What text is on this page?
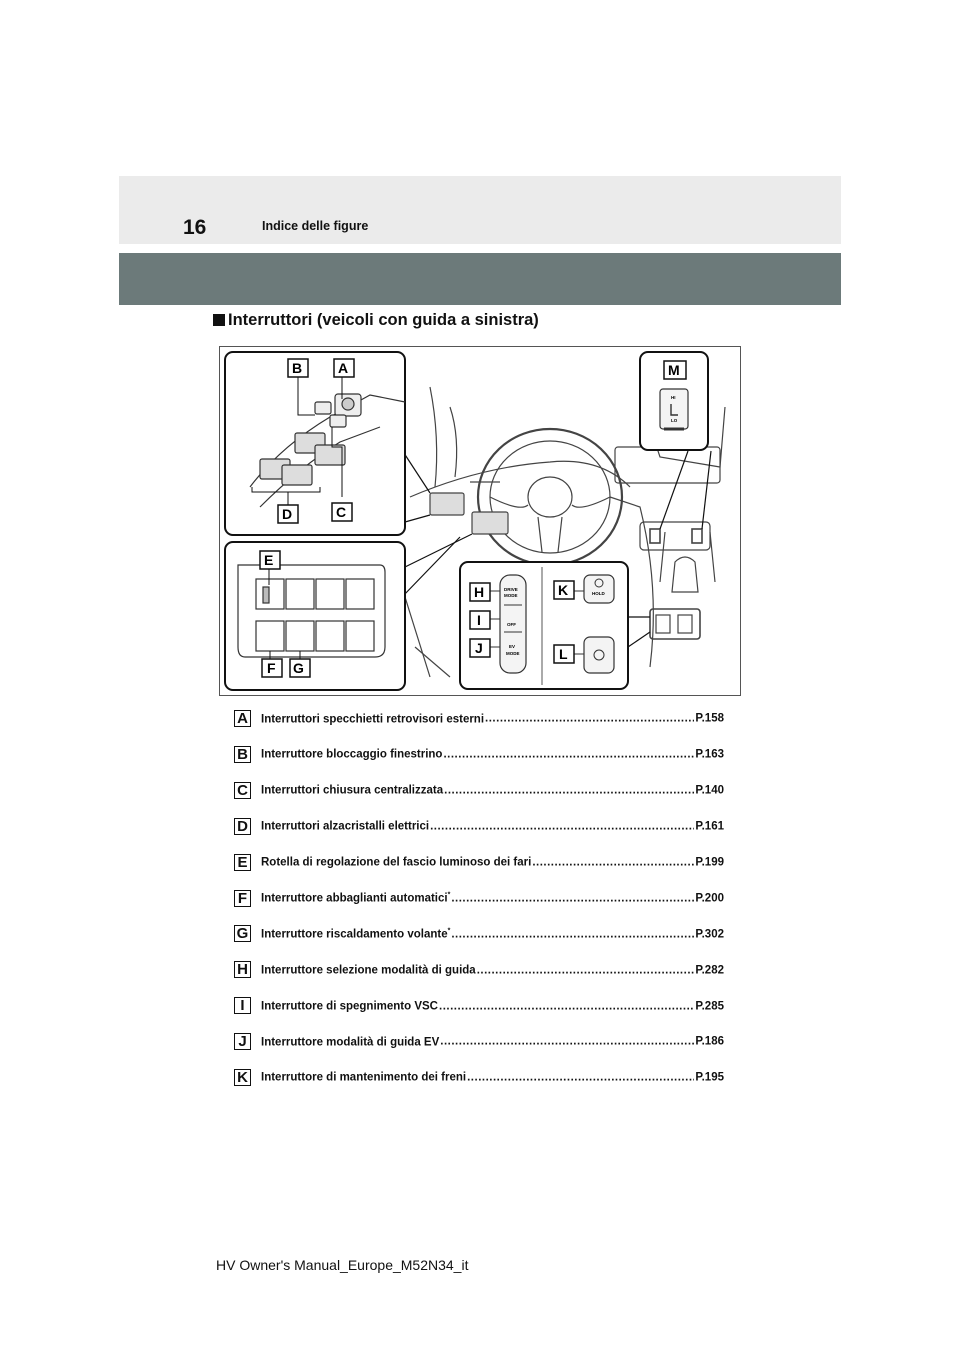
16	Indice delle figure
Interruttori (veicoli con guida a sinistra)
DRIVE
MODE
OFF
EV
MODE
HOLD
HI
LO
A
B
C
D
E
F G
H
I
J
K
L
M
A Interruttori specchietti retrovisori esterni .....	P.158
B Interruttore bloccaggio finestrino .....	P.163
C Interruttori chiusura centralizzata .....	P.140
D Interruttori alzacristalli elettrici .....	P.161
E	Rotella di regolazione del fascio luminoso dei fari .....	P.199
F	Interruttore abbaglianti automatici* .....	P.200
G Interruttore riscaldamento volante* .....	P.302
H Interruttore selezione modalità di guida .....	P.282
I	Interruttore di spegnimento VSC .....	P.285
J	Interruttore modalità di guida EV .....	P.186
K Interruttore di mantenimento dei freni .....	P.195
HV Owner's Manual_Europe_M52N34_it
